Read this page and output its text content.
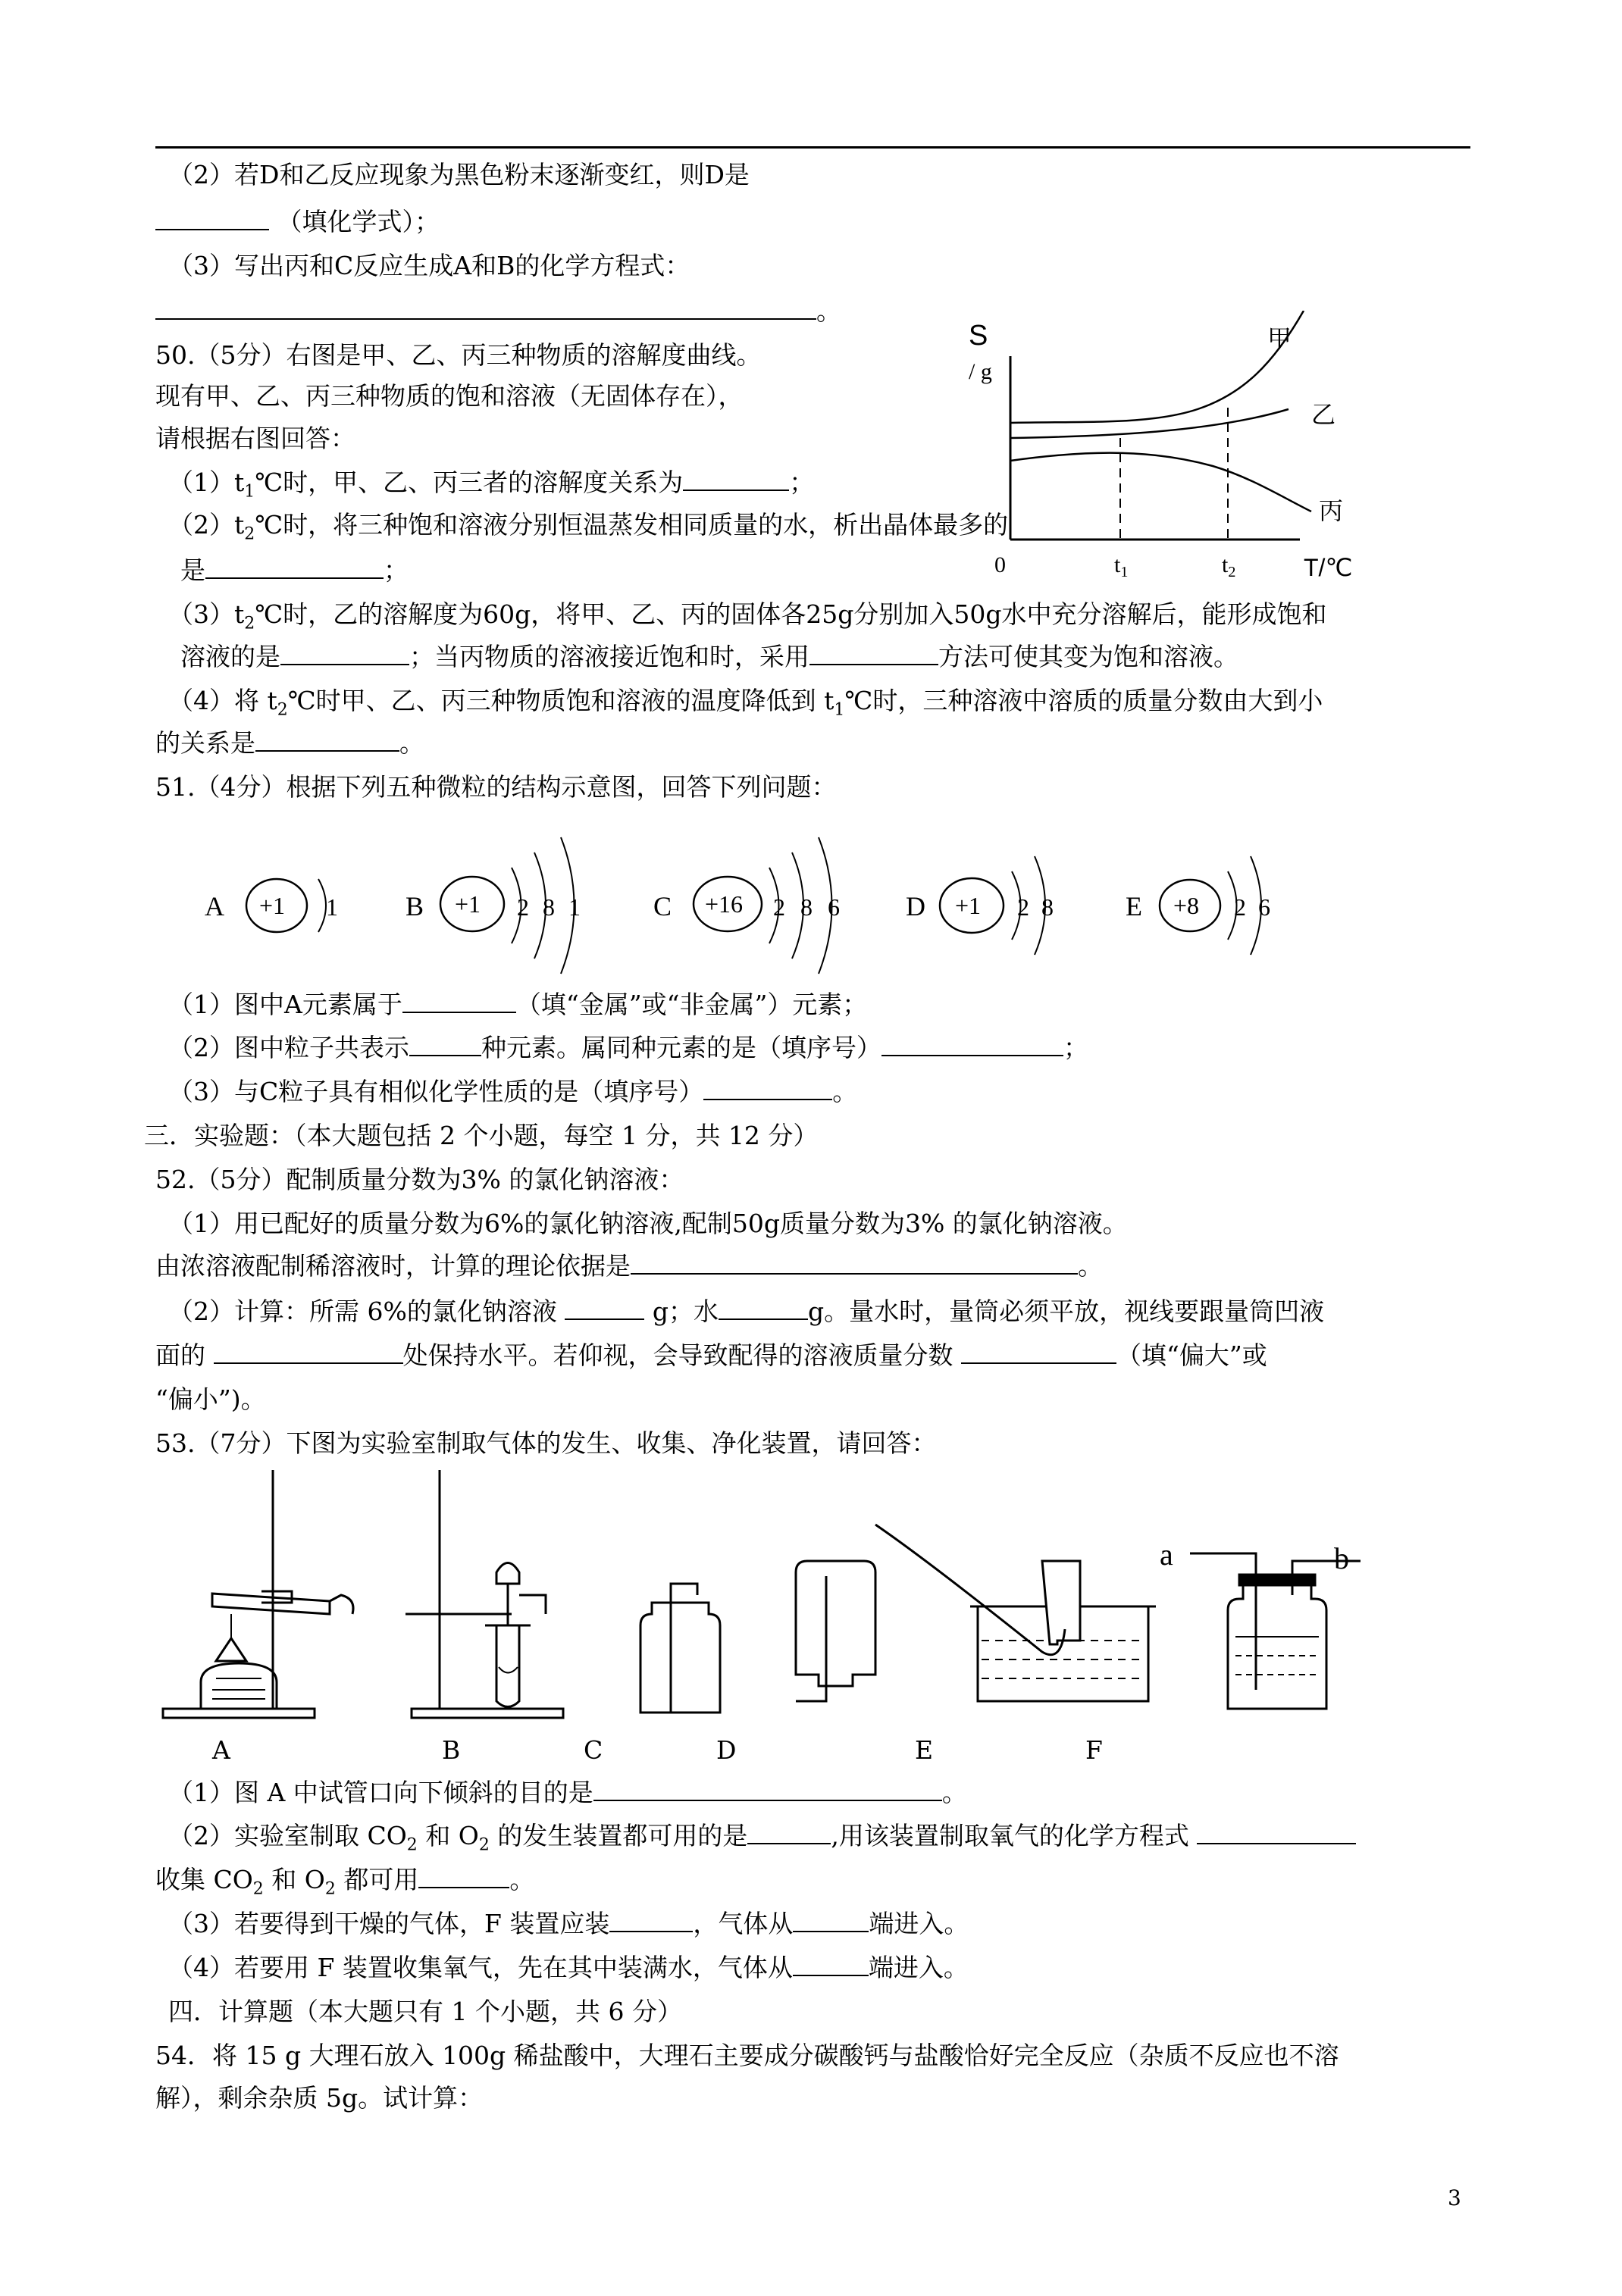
（2）若D和乙反应现象为黑色粉末逐渐变红，则D是
（填化学式）；
（3）写出丙和C反应生成A和B的化学方程式：
。
50.（5分）右图是甲、乙、丙三种物质的溶解度曲线。
现有甲、乙、丙三种物质的饱和溶液（无固体存在），
请根据右图回答：
$(1)t_1℃$时，甲、乙、丙三者的溶解度关系为	；
$(2)t_2℃$时，将三种饱和溶液分别恒温蒸发相同质量的水，析出晶体最多的
是	；
$(3)t_2℃$时，乙的溶解度为60g，将甲、乙、丙的固体各25g分别加入50g水中充分溶解后，能形成饱和
溶液的是	；当丙物质的溶液接近饱和时，采用	方法可使其变为饱和溶液。
（4）将 $t_2℃$时甲、乙、丙三种物质饱和溶液的温度降低到 $t_1℃$时，三种溶液中溶质的质量分数由大到小
的关系是	。
S
/ g
0	$t_1$	$t_2$	T/℃
甲
乙
丙
51.（4分）根据下列五种微粒的结构示意图，回答下列问题：
A +1 1 B +1 2 8 1	C +16 2 8 6 D +1 2 8	E +8 2 6
（1）图中A元素属于	（填“金属”或“非金属”）元素；
（2）图中粒子共表示	种元素。属同种元素的是（填序号）	；
（3）与C粒子具有相似化学性质的是（填序号）	。
三．实验题：（本大题包括 2 个小题，每空 1 分，共 12 分）
52.（5分）配制质量分数为3% 的氯化钠溶液：
（1）用已配好的质量分数为6%的氯化钠溶液,配制50g质量分数为3% 的氯化钠溶液。
由浓溶液配制稀溶液时，计算的理论依据是	。
（2）计算：所需 6%的氯化钠溶液	g；水	g。量水时，量筒必须平放，视线要跟量筒凹液
面的	处保持水平。若仰视，会导致配得的溶液质量分数	（填“偏大”或
“偏小”)。
53.（7分）下图为实验室制取气体的发生、收集、净化装置，请回答：
a	b
A	B	C	D	E	F
（1）图 A 中试管口向下倾斜的目的是	。
（2）实验室制取 $CO_2$ 和 $O_2$ 的发生装置都可用的是	,用该装置制取氧气的化学方程式
收集 $CO_2$ 和 $O_2$ 都可用	。
（3）若要得到干燥的气体，F 装置应装	，气体从	端进入。
（4）若要用 F 装置收集氧气，先在其中装满水，气体从	端进入。
四．计算题（本大题只有 1 个小题，共 6 分）
54．将 15 g 大理石放入 100g 稀盐酸中，大理石主要成分碳酸钙与盐酸恰好完全反应（杂质不反应也不溶
解），剩余杂质 5g。试计算：
3
